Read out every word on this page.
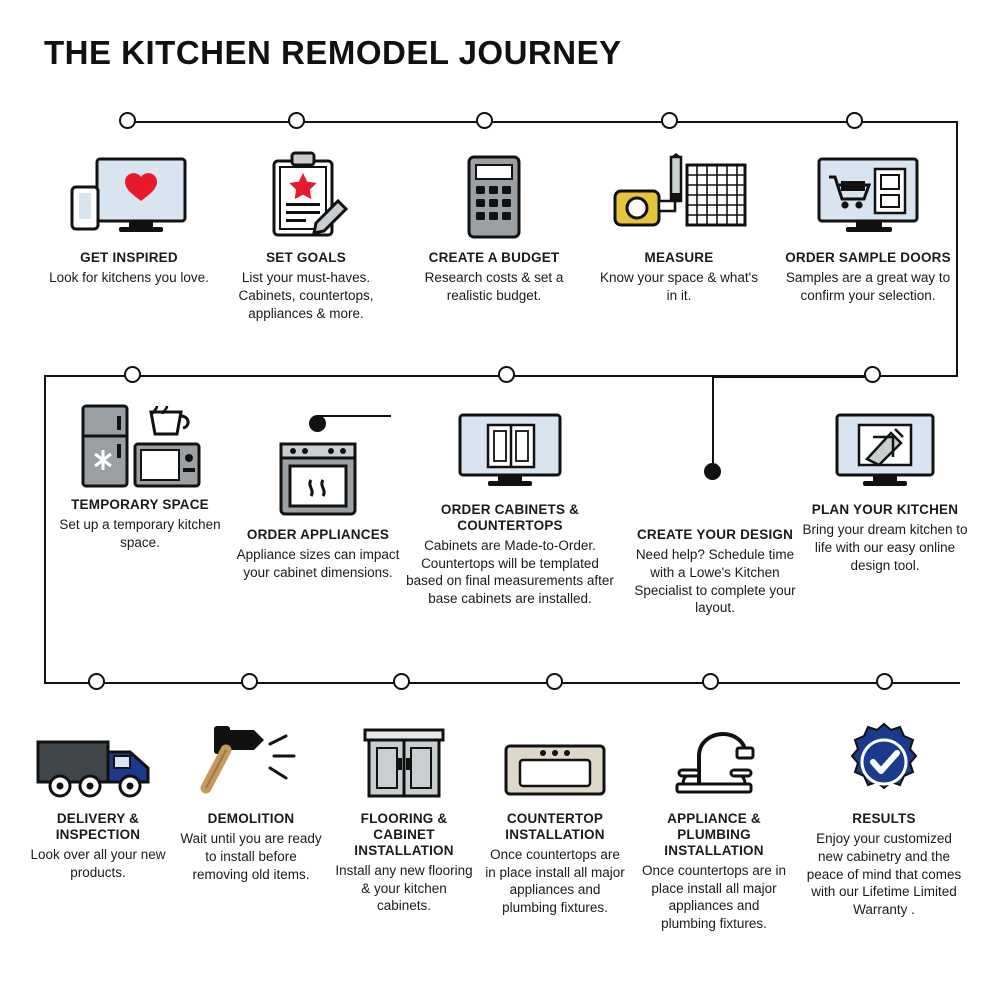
THE KITCHEN REMODEL JOURNEY
GET INSPIRED
Look for kitchens you love.
SET GOALS
List your must-haves. Cabinets, countertops, appliances & more.
CREATE A BUDGET
Research costs & set a realistic budget.
MEASURE
Know your space & what's in it.
ORDER SAMPLE DOORS
Samples are a great way to confirm your selection.
TEMPORARY SPACE
Set up a temporary kitchen space.
ORDER APPLIANCES
Appliance sizes can impact your cabinet dimensions.
ORDER CABINETS & COUNTERTOPS
Cabinets are Made-to-Order. Countertops will be templated based on final measurements after base cabinets are installed.
CREATE YOUR DESIGN
Need help? Schedule time with a Lowe's Kitchen Specialist to complete your layout.
PLAN YOUR KITCHEN
Bring your dream kitchen to life with our easy online design tool.
DELIVERY & INSPECTION
Look over all your new products.
DEMOLITION
Wait until you are ready to install before removing old items.
FLOORING & CABINET INSTALLATION
Install any new flooring & your kitchen cabinets.
COUNTERTOP INSTALLATION
Once countertops are in place install all major appliances and plumbing fixtures.
APPLIANCE & PLUMBING INSTALLATION
Once countertops are in place install all major appliances and plumbing fixtures.
RESULTS
Enjoy your customized new cabinetry and the peace of mind that comes with our Lifetime Limited Warranty .
